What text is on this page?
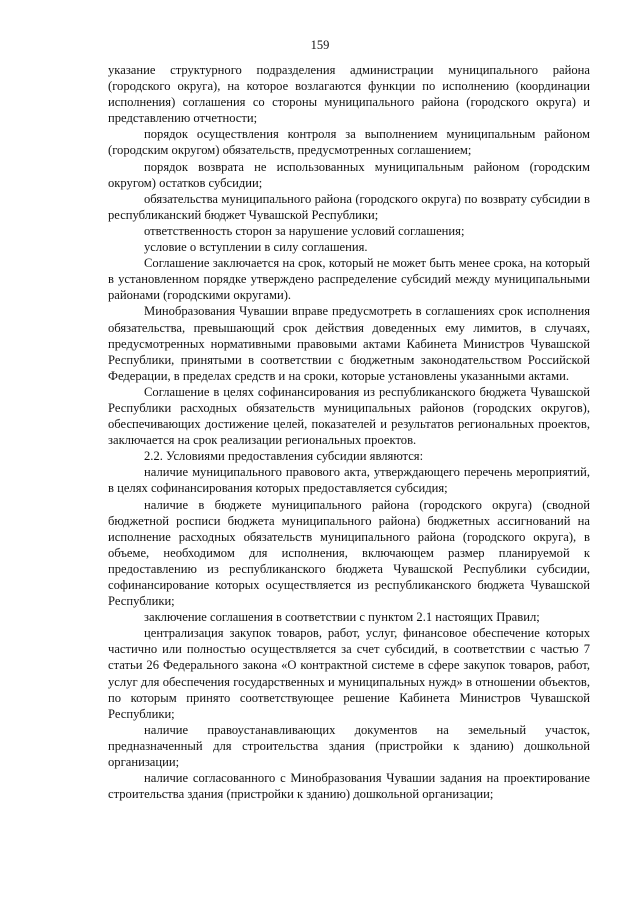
159

указание структурного подразделения администрации муниципального района (городского округа), на которое возлагаются функции по исполнению (координации исполнения) соглашения со стороны муниципального района (городского округа) и представлению отчетности;

порядок осуществления контроля за выполнением муниципальным районом (городским округом) обязательств, предусмотренных соглашением;

порядок возврата не использованных муниципальным районом (городским округом) остатков субсидии;

обязательства муниципального района (городского округа) по возврату субсидии в республиканский бюджет Чувашской Республики;

ответственность сторон за нарушение условий соглашения;

условие о вступлении в силу соглашения.

Соглашение заключается на срок, который не может быть менее срока, на который в установленном порядке утверждено распределение субсидий между муниципальными районами (городскими округами).

Минобразования Чувашии вправе предусмотреть в соглашениях срок исполнения обязательства, превышающий срок действия доведенных ему лимитов, в случаях, предусмотренных нормативными правовыми актами Кабинета Министров Чувашской Республики, принятыми в соответствии с бюджетным законодательством Российской Федерации, в пределах средств и на сроки, которые установлены указанными актами.

Соглашение в целях софинансирования из республиканского бюджета Чувашской Республики расходных обязательств муниципальных районов (городских округов), обеспечивающих достижение целей, показателей и результатов региональных проектов, заключается на срок реализации региональных проектов.

2.2. Условиями предоставления субсидии являются:

наличие муниципального правового акта, утверждающего перечень мероприятий, в целях софинансирования которых предоставляется субсидия;

наличие в бюджете муниципального района (городского округа) (сводной бюджетной росписи бюджета муниципального района) бюджетных ассигнований на исполнение расходных обязательств муниципального района (городского округа), в объеме, необходимом для исполнения, включающем размер планируемой к предоставлению из республиканского бюджета Чувашской Республики субсидии, софинансирование которых осуществляется из республиканского бюджета Чувашской Республики;

заключение соглашения в соответствии с пунктом 2.1 настоящих Правил;

централизация закупок товаров, работ, услуг, финансовое обеспечение которых частично или полностью осуществляется за счет субсидий, в соответствии с частью 7 статьи 26 Федерального закона «О контрактной системе в сфере закупок товаров, работ, услуг для обеспечения государственных и муниципальных нужд» в отношении объектов, по которым принято соответствующее решение Кабинета Министров Чувашской Республики;

наличие правоустанавливающих документов на земельный участок, предназначенный для строительства здания (пристройки к зданию) дошкольной организации;

наличие согласованного с Минобразования Чувашии задания на проектирование строительства здания (пристройки к зданию) дошкольной организации;
